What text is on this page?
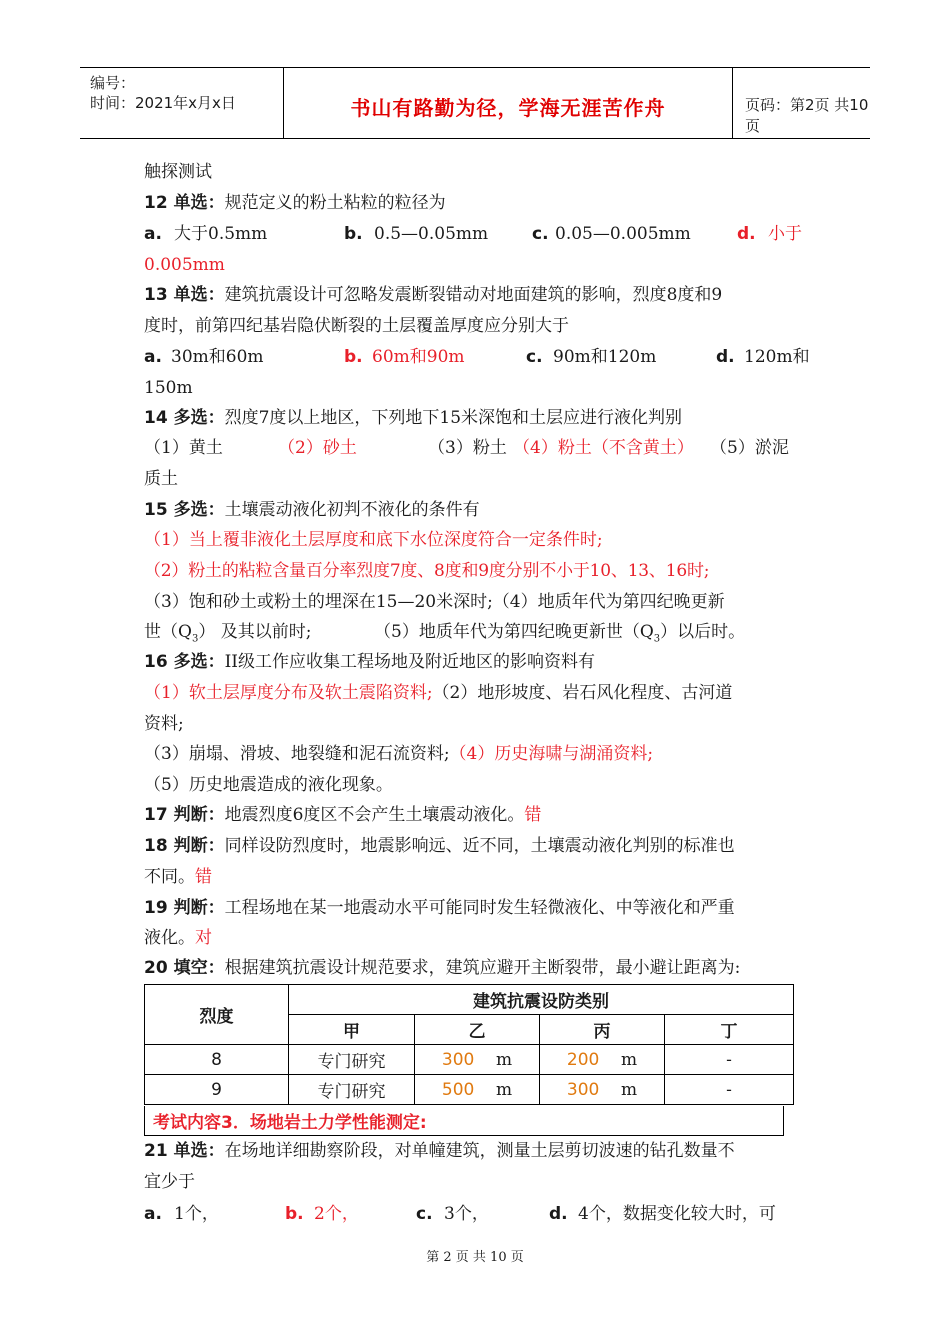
编号：
时间：2021年x月x日	书山有路勤为径，学海无涯苦作舟	页码：第2页 共10页
触探测试
12 单选：规范定义的粉土粘粒的粒径为
a. 大于0.5mm	b. 0.5—0.05mm	c. 0.05—0.005mm	d. 小于
0.005mm
13 单选：建筑抗震设计可忽略发震断裂错动对地面建筑的影响，烈度8度和9
度时，前第四纪基岩隐伏断裂的土层覆盖厚度应分别大于
a. 30m和60m	b. 60m和90m	c. 90m和120m	d. 120m和
150m
14 多选：烈度7度以上地区，下列地下15米深饱和土层应进行液化判别
（1）黄土	（2）砂土	（3）粉土 （4）粉土（不含黄土） （5）淤泥
质土
15 多选：土壤震动液化初判不液化的条件有
（1）当上覆非液化土层厚度和底下水位深度符合一定条件时;
（2）粉土的粘粒含量百分率烈度7度、8度和9度分别不小于10、13、16时;
（3）饱和砂土或粉土的埋深在15—20米深时;（4）地质年代为第四纪晚更新
世$(Q_3)$ 及其以前时;	（5）地质年代为第四纪晚更新世$(Q_3)$以后时。
16 多选：II级工作应收集工程场地及附近地区的影响资料有
（1）软土层厚度分布及软土震陷资料;（2）地形坡度、岩石风化程度、古河道
资料;
（3）崩塌、滑坡、地裂缝和泥石流资料;（4）历史海啸与湖涌资料;
（5）历史地震造成的液化现象。
17 判断：地震烈度6度区不会产生土壤震动液化。错
18 判断：同样设防烈度时，地震影响远、近不同，土壤震动液化判别的标准也
不同。错
19 判断：工程场地在某一地震动水平可能同时发生轻微液化、中等液化和严重
液化。对
20 填空：根据建筑抗震设计规范要求，建筑应避开主断裂带，最小避让距离为:
烈度	建筑抗震设防类别			
	甲	乙	丙	丁
8	专门研究	300 m	200 m	-
9	专门研究	500 m	300 m	-
考试内容3．场地岩土力学性能测定:
21 单选：在场地详细勘察阶段，对单幢建筑，测量土层剪切波速的钻孔数量不
宜少于
a. 1个，	b. 2个，	c. 3个，	d. 4个，数据变化较大时，可
第 2 页 共 10 页
